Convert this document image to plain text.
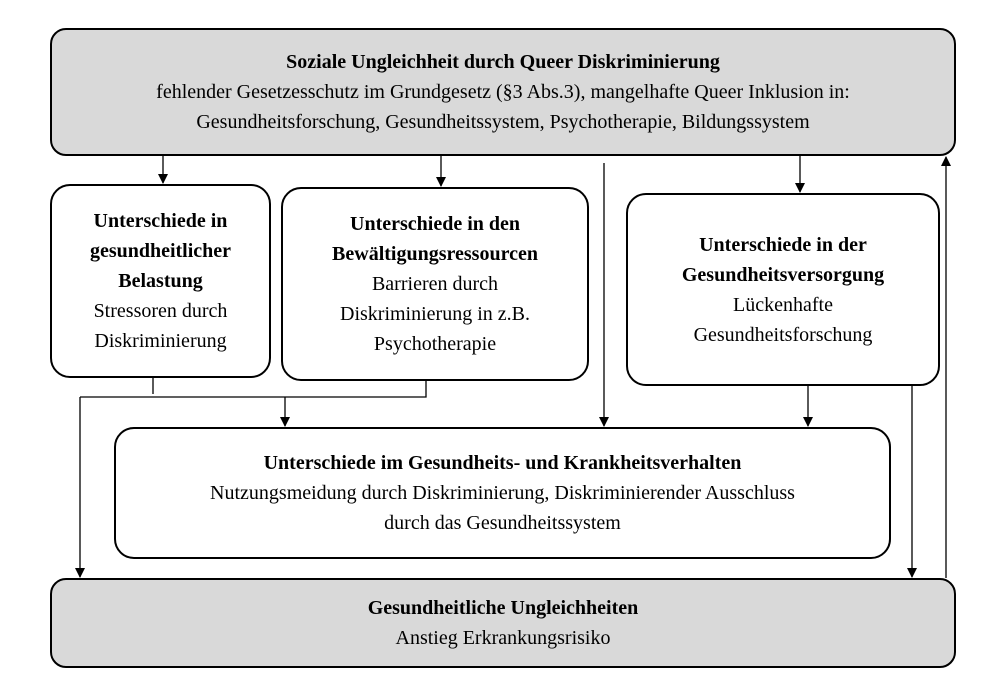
Soziale Ungleichheit durch Queer Diskriminierung
fehlender Gesetzesschutz im Grundgesetz (§3 Abs.3), mangelhafte Queer Inklusion in:
Gesundheitsforschung, Gesundheitssystem, Psychotherapie, Bildungssystem
Unterschiede in
gesundheitlicher
Belastung
Stressoren durch
Diskriminierung
Unterschiede in den
Bewältigungsressourcen
Barrieren durch
Diskriminierung in z.B.
Psychotherapie
Unterschiede in der
Gesundheitsversorgung
Lückenhafte
Gesundheitsforschung
Unterschiede im Gesundheits- und Krankheitsverhalten
Nutzungsmeidung durch Diskriminierung, Diskriminierender Ausschluss
durch das Gesundheitssystem
Gesundheitliche Ungleichheiten
Anstieg Erkrankungsrisiko
